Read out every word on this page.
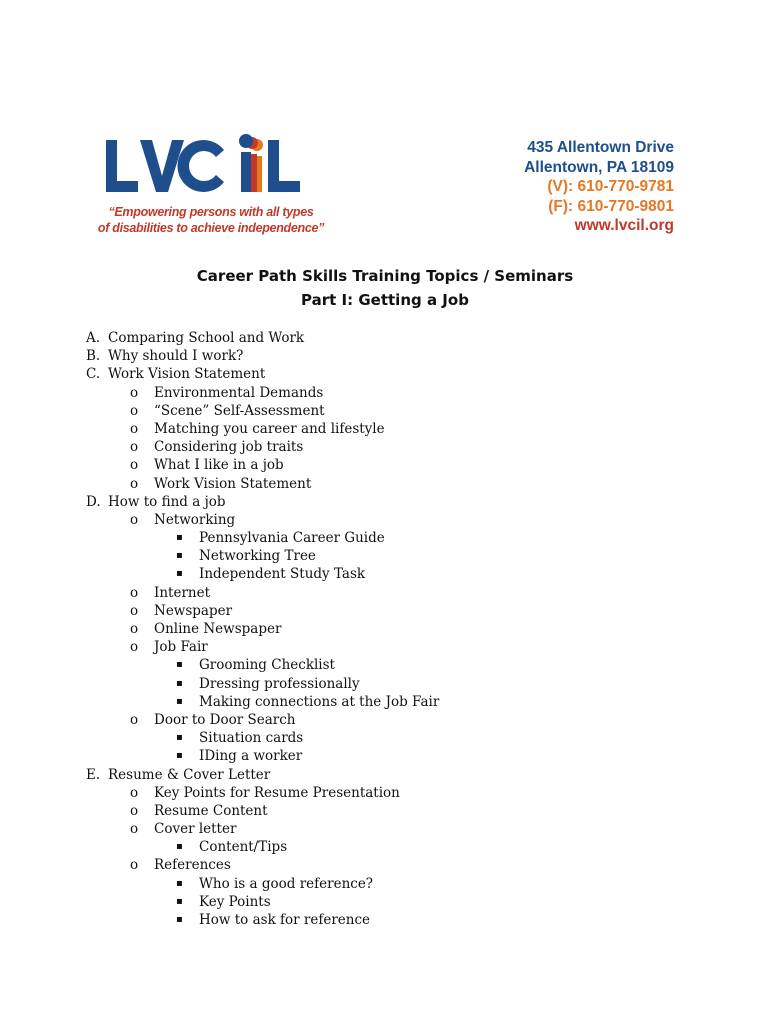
“Empowering persons with all types
of disabilities to achieve independence”
435 Allentown Drive
Allentown, PA 18109
(V): 610-770-9781
(F): 610-770-9801
www.lvcil.org
Career Path Skills Training Topics / Seminars
Part I: Getting a Job
A. Comparing School and Work
B. Why should I work?
C. Work Vision Statement
o Environmental Demands
o “Scene” Self-Assessment
o Matching you career and lifestyle
o Considering job traits
o What I like in a job
o Work Vision Statement
D. How to find a job
o Networking
▪ Pennsylvania Career Guide
▪ Networking Tree
▪ Independent Study Task
o Internet
o Newspaper
o Online Newspaper
o Job Fair
▪ Grooming Checklist
▪ Dressing professionally
▪ Making connections at the Job Fair
o Door to Door Search
▪ Situation cards
▪ IDing a worker
E. Resume & Cover Letter
o Key Points for Resume Presentation
o Resume Content
o Cover letter
▪ Content/Tips
o References
▪ Who is a good reference?
▪ Key Points
▪ How to ask for reference
